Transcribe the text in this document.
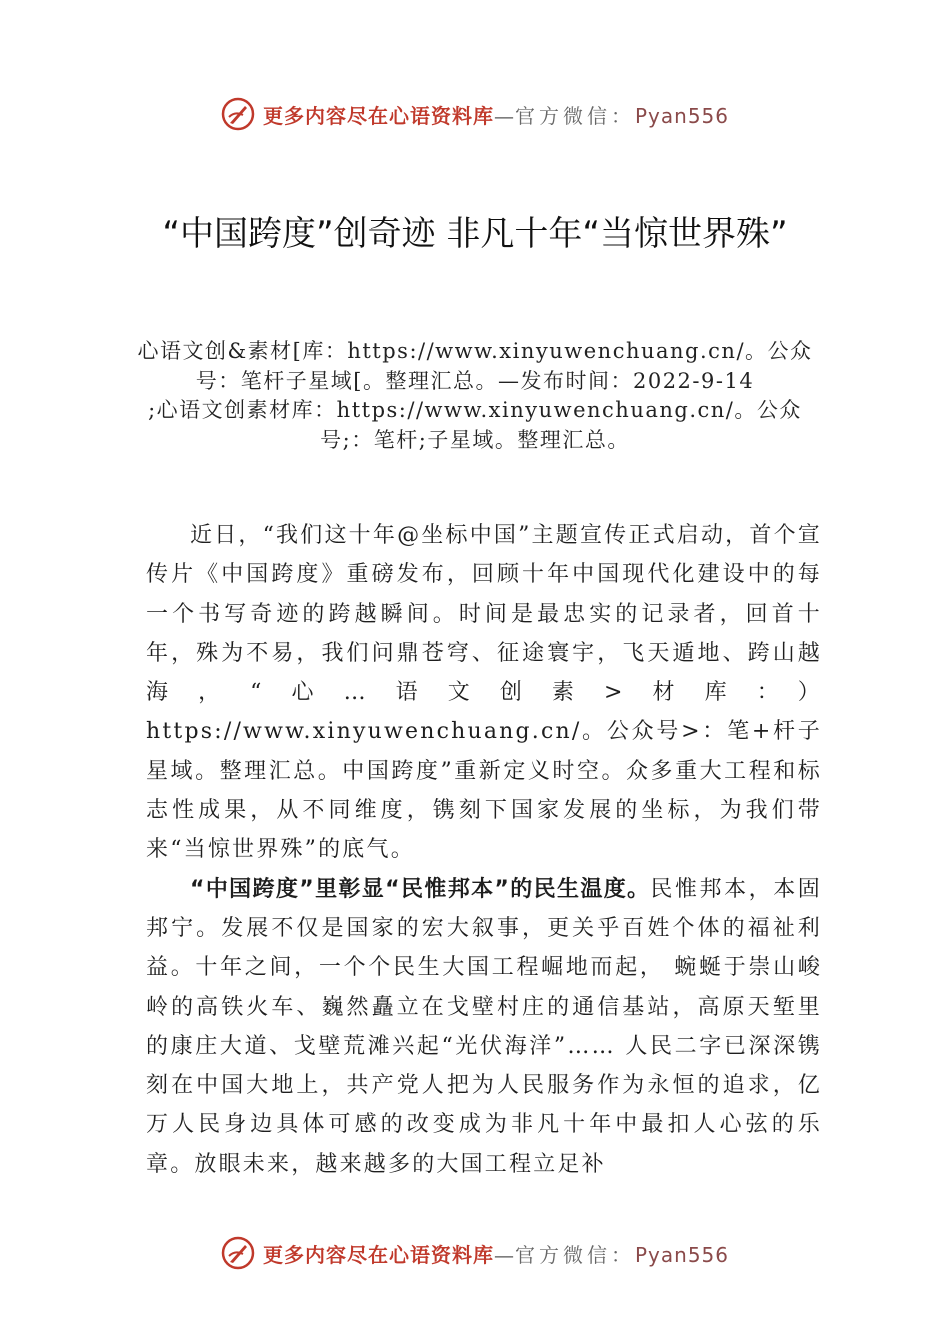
更多内容尽在心语资料库—官方微信：Pyan556
“中国跨度”创奇迹 非凡十年“当惊世界殊”
心语文创&素材[库：https://www.xinyuwenchuang.cn/。公众号：笔杆子星域[。整理汇总。—发布时间：2022-9-14
;心语文创素材库：https://www.xinyuwenchuang.cn/。公众号;：笔杆;子星域。整理汇总。

近日，“我们这十年@坐标中国”主题宣传正式启动，首个宣传片《中国跨度》重磅发布，回顾十年中国现代化建设中的每一个书写奇迹的跨越瞬间。时间是最忠实的记录者，回首十年，殊为不易，我们问鼎苍穹、征途寰宇，飞天遁地、跨山越海，“心…语文创素>材库：）https://www.xinyuwenchuang.cn/。公众号>：笔+杆子星域。整理汇总。中国跨度”重新定义时空。众多重大工程和标志性成果，从不同维度，镌刻下国家发展的坐标，为我们带来“当惊世界殊”的底气。

“中国跨度”里彰显“民惟邦本”的民生温度。民惟邦本，本固邦宁。发展不仅是国家的宏大叙事，更关乎百姓个体的福祉利益。十年之间，一个个民生大国工程崛地而起， 蜿蜒于崇山峻岭的高铁火车、巍然矗立在戈壁村庄的通信基站，高原天堑里的康庄大道、戈壁荒滩兴起“光伏海洋”…… 人民二字已深深镌刻在中国大地上，共产党人把为人民服务作为永恒的追求，亿万人民身边具体可感的改变成为非凡十年中最扣人心弦的乐章。放眼未来，越来越多的大国工程立足补

更多内容尽在心语资料库—官方微信：Pyan556
